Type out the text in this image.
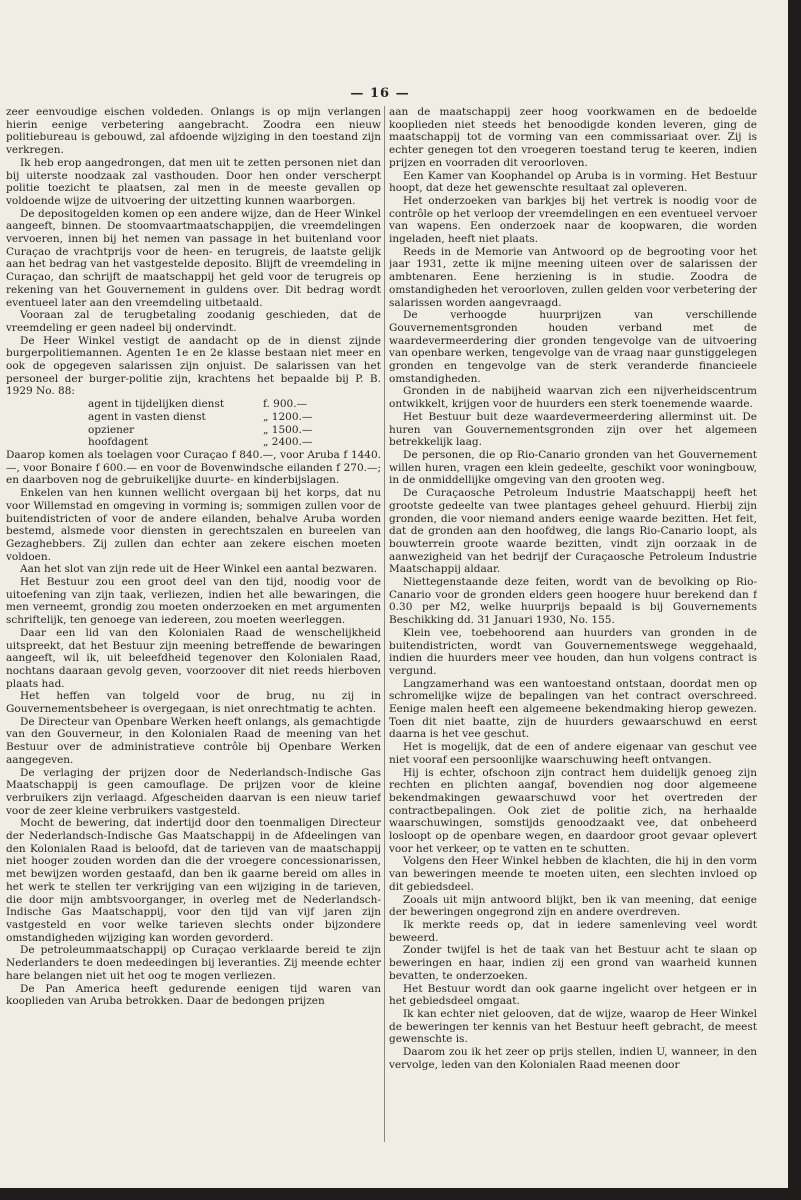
— 16 —

zeer eenvoudige eischen voldeden. Onlangs is op mijn verlangen hierin eenige verbetering aangebracht. Zoodra een nieuw politiebureau is gebouwd, zal afdoende wijziging in den toestand zijn verkregen.

Ik heb erop aangedrongen, dat men uit te zetten personen niet dan bij uiterste noodzaak zal vasthouden. Door hen onder verscherpt politie toezicht te plaatsen, zal men in de meeste gevallen op voldoende wijze de uitvoering der uitzetting kunnen waarborgen.

De depositogelden komen op een andere wijze, dan de Heer Winkel aangeeft, binnen. De stoomvaartmaatschappijen, die vreemdelingen vervoeren, innen bij het nemen van passage in het buitenland voor Curaçao de vrachtprijs voor de heen- en terugreis, de laatste gelijk aan het bedrag van het vastgestelde deposito. Blijft de vreemdeling in Curaçao, dan schrijft de maatschappij het geld voor de terugreis op rekening van het Gouvernement in guldens over. Dit bedrag wordt eventueel later aan den vreemdeling uitbetaald.

Vooraan zal de terugbetaling zoodanig geschieden, dat de vreemdeling er geen nadeel bij ondervindt.

De Heer Winkel vestigt de aandacht op de in dienst zijnde burgerpolitiemannen. Agenten 1e en 2e klasse bestaan niet meer en ook de opgegeven salarissen zijn onjuist. De salarissen van het personeel der burger-politie zijn, krachtens het bepaalde bij P. B. 1929 No. 88:

agent in tijdelijken dienst	f. 900.—
agent in vasten dienst	„ 1200.—
opziener	„ 1500.—
hoofdagent	„ 2400.—

Daarop komen als toelagen voor Curaçao f 840.—, voor Aruba f 1440.—, voor Bonaire f 600.— en voor de Bovenwindsche eilanden f 270.—; en daarboven nog de gebruikelijke duurte- en kinderbijslagen.

Enkelen van hen kunnen wellicht overgaan bij het korps, dat nu voor Willemstad en omgeving in vorming is; sommigen zullen voor de buitendistricten of voor de andere eilanden, behalve Aruba worden bestemd, alsmede voor diensten in gerechtszalen en bureelen van Gezaghebbers. Zij zullen dan echter aan zekere eischen moeten voldoen.

Aan het slot van zijn rede uit de Heer Winkel een aantal bezwaren.

Het Bestuur zou een groot deel van den tijd, noodig voor de uitoefening van zijn taak, verliezen, indien het alle bewaringen, die men verneemt, grondig zou moeten onderzoeken en met argumenten schriftelijk, ten genoege van iedereen, zou moeten weerleggen.

Daar een lid van den Kolonialen Raad de wenschelijkheid uitspreekt, dat het Bestuur zijn meening betreffende de bewaringen aangeeft, wil ik, uit beleefdheid tegenover den Kolonialen Raad, nochtans daaraan gevolg geven, voorzoover dit niet reeds hierboven plaats had.

Het heffen van tolgeld voor de brug, nu zij in Gouvernementsbeheer is overgegaan, is niet onrechtmatig te achten.

De Directeur van Openbare Werken heeft onlangs, als gemachtigde van den Gouverneur, in den Kolonialen Raad de meening van het Bestuur over de administratieve contrôle bij Openbare Werken aangegeven.

De verlaging der prijzen door de Nederlandsch-Indische Gas Maatschappij is geen camouflage. De prijzen voor de kleine verbruikers zijn verlaagd. Afgescheiden daarvan is een nieuw tarief voor de zeer kleine verbruikers vastgesteld.

Mocht de bewering, dat indertijd door den toenmaligen Directeur der Nederlandsch-Indische Gas Maatschappij in de Afdeelingen van den Kolonialen Raad is beloofd, dat de tarieven van de maatschappij niet hooger zouden worden dan die der vroegere concessionarissen, met bewijzen worden gestaafd, dan ben ik gaarne bereid om alles in het werk te stellen ter verkrijging van een wijziging in de tarieven, die door mijn ambtsvoorganger, in overleg met de Nederlandsch-Indische Gas Maatschappij, voor den tijd van vijf jaren zijn vastgesteld en voor welke tarieven slechts onder bijzondere omstandigheden wijziging kan worden gevorderd.

De petroleummaatschappij op Curaçao verklaarde bereid te zijn Nederlanders te doen medeedingen bij leveranties. Zij meende echter hare belangen niet uit het oog te mogen verliezen.

De Pan America heeft gedurende eenigen tijd waren van kooplieden van Aruba betrokken. Daar de bedongen prijzen

aan de maatschappij zeer hoog voorkwamen en de bedoelde kooplieden niet steeds het benoodigde konden leveren, ging de maatschappij tot de vorming van een commissariaat over. Zij is echter genegen tot den vroegeren toestand terug te keeren, indien prijzen en voorraden dit veroorloven.

Een Kamer van Koophandel op Aruba is in vorming. Het Bestuur hoopt, dat deze het gewenschte resultaat zal opleveren.

Het onderzoeken van barkjes bij het vertrek is noodig voor de contrôle op het verloop der vreemdelingen en een eventueel vervoer van wapens. Een onderzoek naar de koopwaren, die worden ingeladen, heeft niet plaats.

Reeds in de Memorie van Antwoord op de begrooting voor het jaar 1931, zette ik mijne meening uiteen over de salarissen der ambtenaren. Eene herziening is in studie. Zoodra de omstandigheden het veroorloven, zullen gelden voor verbetering der salarissen worden aangevraagd.

De verhoogde huurprijzen van verschillende Gouvernementsgronden houden verband met de waardevermeerdering dier gronden tengevolge van de uitvoering van openbare werken, tengevolge van de vraag naar gunstiggelegen gronden en tengevolge van de sterk veranderde financieele omstandigheden.

Gronden in de nabijheid waarvan zich een nijverheidscentrum ontwikkelt, krijgen voor de huurders een sterk toenemende waarde.

Het Bestuur buit deze waardevermeerdering allerminst uit. De huren van Gouvernementsgronden zijn over het algemeen betrekkelijk laag.

De personen, die op Rio-Canario gronden van het Gouvernement willen huren, vragen een klein gedeelte, geschikt voor woningbouw, in de onmiddellijke omgeving van den grooten weg.

De Curaçaosche Petroleum Industrie Maatschappij heeft het grootste gedeelte van twee plantages geheel gehuurd. Hierbij zijn gronden, die voor niemand anders eenige waarde bezitten. Het feit, dat de gronden aan den hoofdweg, die langs Rio-Canario loopt, als bouwterrein groote waarde bezitten, vindt zijn oorzaak in de aanwezigheid van het bedrijf der Curaçaosche Petroleum Industrie Maatschappij aldaar.

Niettegenstaande deze feiten, wordt van de bevolking op Rio-Canario voor de gronden elders geen hoogere huur berekend dan f 0.30 per M2, welke huurprijs bepaald is bij Gouvernements Beschikking dd. 31 Januari 1930, No. 155.

Klein vee, toebehoorend aan huurders van gronden in de buitendistricten, wordt van Gouvernementswege weggehaald, indien die huurders meer vee houden, dan hun volgens contract is vergund.

Langzamerhand was een wantoestand ontstaan, doordat men op schromelijke wijze de bepalingen van het contract overschreed. Eenige malen heeft een algemeene bekendmaking hierop gewezen. Toen dit niet baatte, zijn de huurders gewaarschuwd en eerst daarna is het vee geschut.

Het is mogelijk, dat de een of andere eigenaar van geschut vee niet vooraf een persoonlijke waarschuwing heeft ontvangen.

Hij is echter, ofschoon zijn contract hem duidelijk genoeg zijn rechten en plichten aangaf, bovendien nog door algemeene bekendmakingen gewaarschuwd voor het overtreden der contractbepalingen. Ook ziet de politie zich, na herhaalde waarschuwingen, somstijds genoodzaakt vee, dat onbeheerd losloopt op de openbare wegen, en daardoor groot gevaar oplevert voor het verkeer, op te vatten en te schutten.

Volgens den Heer Winkel hebben de klachten, die hij in den vorm van beweringen meende te moeten uiten, een slechten invloed op dit gebiedsdeel.

Zooals uit mijn antwoord blijkt, ben ik van meening, dat eenige der beweringen ongegrond zijn en andere overdreven.

Ik merkte reeds op, dat in iedere samenleving veel wordt beweerd.

Zonder twijfel is het de taak van het Bestuur acht te slaan op beweringen en haar, indien zij een grond van waarheid kunnen bevatten, te onderzoeken.

Het Bestuur wordt dan ook gaarne ingelicht over hetgeen er in het gebiedsdeel omgaat.

Ik kan echter niet gelooven, dat de wijze, waarop de Heer Winkel de beweringen ter kennis van het Bestuur heeft gebracht, de meest gewenschte is.

Daarom zou ik het zeer op prijs stellen, indien U, wanneer, in den vervolge, leden van den Kolonialen Raad meenen door
